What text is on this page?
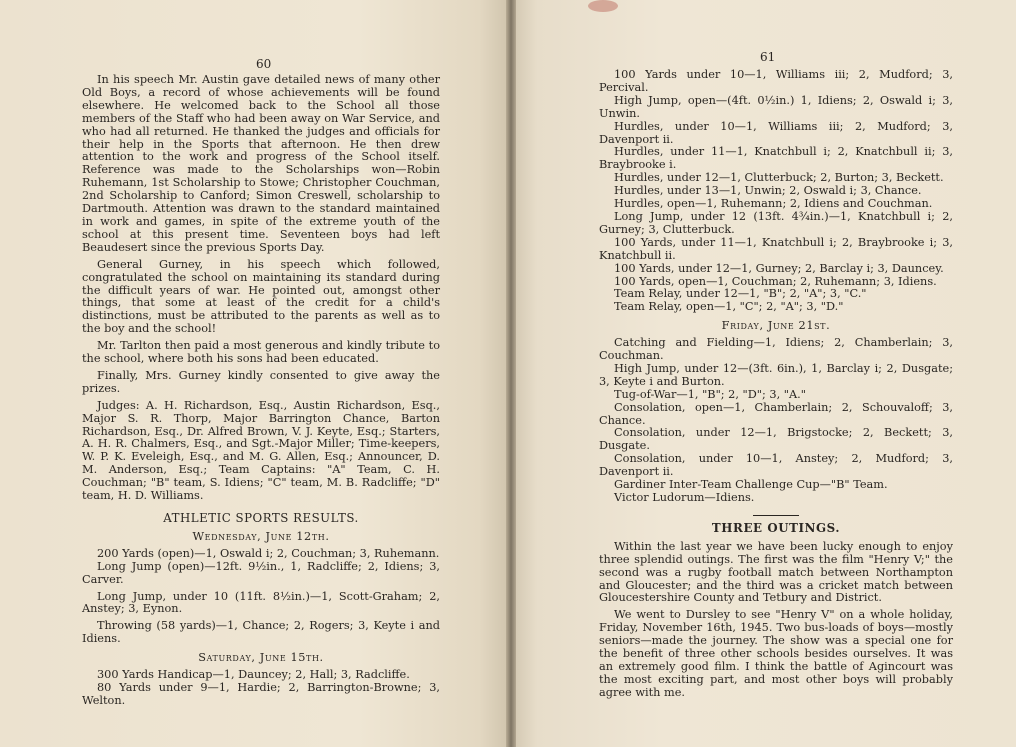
60

In his speech Mr. Austin gave detailed news of many other Old Boys, a record of whose achievements will be found elsewhere. He welcomed back to the School all those members of the Staff who had been away on War Service, and who had all returned. He thanked the judges and officials for their help in the Sports that afternoon. He then drew attention to the work and progress of the School itself. Reference was made to the Scholarships won—Robin Ruhemann, 1st Scholarship to Stowe; Christopher Couchman, 2nd Scholarship to Canford; Simon Creswell, scholarship to Dartmouth. Attention was drawn to the standard maintained in work and games, in spite of the extreme youth of the school at this present time. Seventeen boys had left Beaudesert since the previous Sports Day.

General Gurney, in his speech which followed, congratulated the school on maintaining its standard during the difficult years of war. He pointed out, amongst other things, that some at least of the credit for a child's distinctions, must be attributed to the parents as well as to the boy and the school!

Mr. Tarlton then paid a most generous and kindly tribute to the school, where both his sons had been educated.

Finally, Mrs. Gurney kindly consented to give away the prizes.

Judges: A. H. Richardson, Esq., Austin Richardson, Esq., Major S. R. Thorp, Major Barrington Chance, Barton Richardson, Esq., Dr. Alfred Brown, V. J. Keyte, Esq.; Starters, A. H. R. Chalmers, Esq., and Sgt.-Major Miller; Time-keepers, W. P. K. Eveleigh, Esq., and M. G. Allen, Esq.; Announcer, D. M. Anderson, Esq.; Team Captains: "A" Team, C. H. Couchman; "B" team, S. Idiens; "C" team, M. B. Radcliffe; "D" team, H. D. Williams.

ATHLETIC SPORTS RESULTS.
Wednesday, June 12th.

200 Yards (open)—1, Oswald i; 2, Couchman; 3, Ruhemann.

Long Jump (open)—12ft. 9½in., 1, Radcliffe; 2, Idiens; 3, Carver.

Long Jump, under 10 (11ft. 8½in.)—1, Scott-Graham; 2, Anstey; 3, Eynon.

Throwing (58 yards)—1, Chance; 2, Rogers; 3, Keyte i and Idiens.

Saturday, June 15th.

300 Yards Handicap—1, Dauncey; 2, Hall; 3, Radcliffe.

80 Yards under 9—1, Hardie; 2, Barrington-Browne; 3, Welton.

61

100 Yards under 10—1, Williams iii; 2, Mudford; 3, Percival.

High Jump, open—(4ft. 0½in.) 1, Idiens; 2, Oswald i; 3, Unwin.

Hurdles, under 10—1, Williams iii; 2, Mudford; 3, Davenport ii.

Hurdles, under 11—1, Knatchbull i; 2, Knatchbull ii; 3, Braybrooke i.

Hurdles, under 12—1, Clutterbuck; 2, Burton; 3, Beckett.

Hurdles, under 13—1, Unwin; 2, Oswald i; 3, Chance.

Hurdles, open—1, Ruhemann; 2, Idiens and Couchman.

Long Jump, under 12 (13ft. 4¾in.)—1, Knatchbull i; 2, Gurney; 3, Clutterbuck.

100 Yards, under 11—1, Knatchbull i; 2, Braybrooke i; 3, Knatchbull ii.

100 Yards, under 12—1, Gurney; 2, Barclay i; 3, Dauncey.

100 Yards, open—1, Couchman; 2, Ruhemann; 3, Idiens.

Team Relay, under 12—1, "B"; 2, "A"; 3, "C."

Team Relay, open—1, "C"; 2, "A"; 3, "D."

Friday, June 21st.

Catching and Fielding—1, Idiens; 2, Chamberlain; 3, Couchman.

High Jump, under 12—(3ft. 6in.), 1, Barclay i; 2, Dusgate; 3, Keyte i and Burton.

Tug-of-War—1, "B"; 2, "D"; 3, "A."

Consolation, open—1, Chamberlain; 2, Schouvaloff; 3, Chance.

Consolation, under 12—1, Brigstocke; 2, Beckett; 3, Dusgate.

Consolation, under 10—1, Anstey; 2, Mudford; 3, Davenport ii.

Gardiner Inter-Team Challenge Cup—"B" Team.

Victor Ludorum—Idiens.

THREE OUTINGS.

Within the last year we have been lucky enough to enjoy three splendid outings. The first was the film "Henry V;" the second was a rugby football match between Northampton and Gloucester; and the third was a cricket match between Gloucestershire County and Tetbury and District.

We went to Dursley to see "Henry V" on a whole holiday, Friday, November 16th, 1945. Two bus-loads of boys—mostly seniors—made the journey. The show was a special one for the benefit of three other schools besides ourselves. It was an extremely good film. I think the battle of Agincourt was the most exciting part, and most other boys will probably agree with me.
